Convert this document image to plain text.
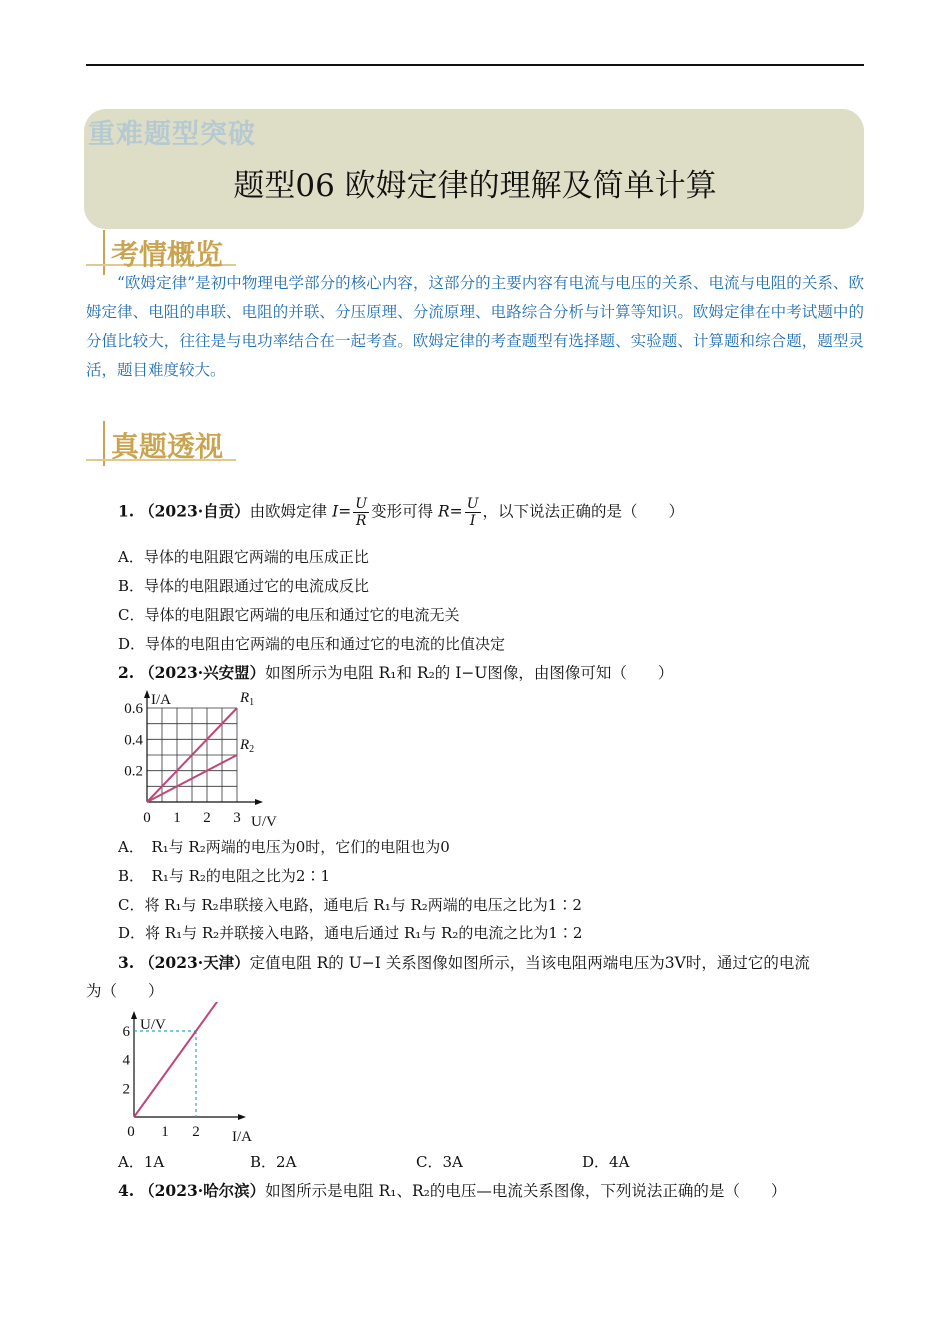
重难题型突破
题型06 欧姆定律的理解及简单计算
考情概览
“欧姆定律”是初中物理电学部分的核心内容，这部分的主要内容有电流与电压的关系、电流与电阻的关系、欧姆定律、电阻的串联、电阻的并联、分压原理、分流原理、电路综合分析与计算等知识。欧姆定律在中考试题中的分值比较大，往往是与电功率结合在一起考查。欧姆定律的考查题型有选择题、实验题、计算题和综合题，题型灵活，题目难度较大。
真题透视
1. （2023·自贡）由欧姆定律 $I= \frac{U}{R}$ 变形可得 $R= \frac{U}{I}$ ，以下说法正确的是（　　）
A．导体的电阻跟它两端的电压成正比
B．导体的电阻跟通过它的电流成反比
C．导体的电阻跟它两端的电压和通过它的电流无关
D．导体的电阻由它两端的电压和通过它的电流的比值决定
2. （2023·兴安盟）如图所示为电阻 R₁和 R₂的 I−U图像，由图像可知（　　）
$R_1$
$R_2$
0 1 2 3
0.2
0.4
0.6
I/A
U/V
A．　R₁与 R₂两端的电压为0时，它们的电阻也为0
B．　R₁与 R₂的电阻之比为2∶1
C．将 R₁与 R₂串联接入电路，通电后 R₁与 R₂两端的电压之比为1∶2
D．将 R₁与 R₂并联接入电路，通电后通过 R₁与 R₂的电流之比为1∶2
3. （2023·天津）定值电阻 R的 U−I 关系图像如图所示，当该电阻两端电压为3V时，通过它的电流
为（　　）
0 1 2
2
4
6 U/V
I/A
A．1A	B．2A	C．3A	D．4A
4. （2023·哈尔滨）如图所示是电阻 R₁、R₂的电压—电流关系图像，下列说法正确的是（　　）
